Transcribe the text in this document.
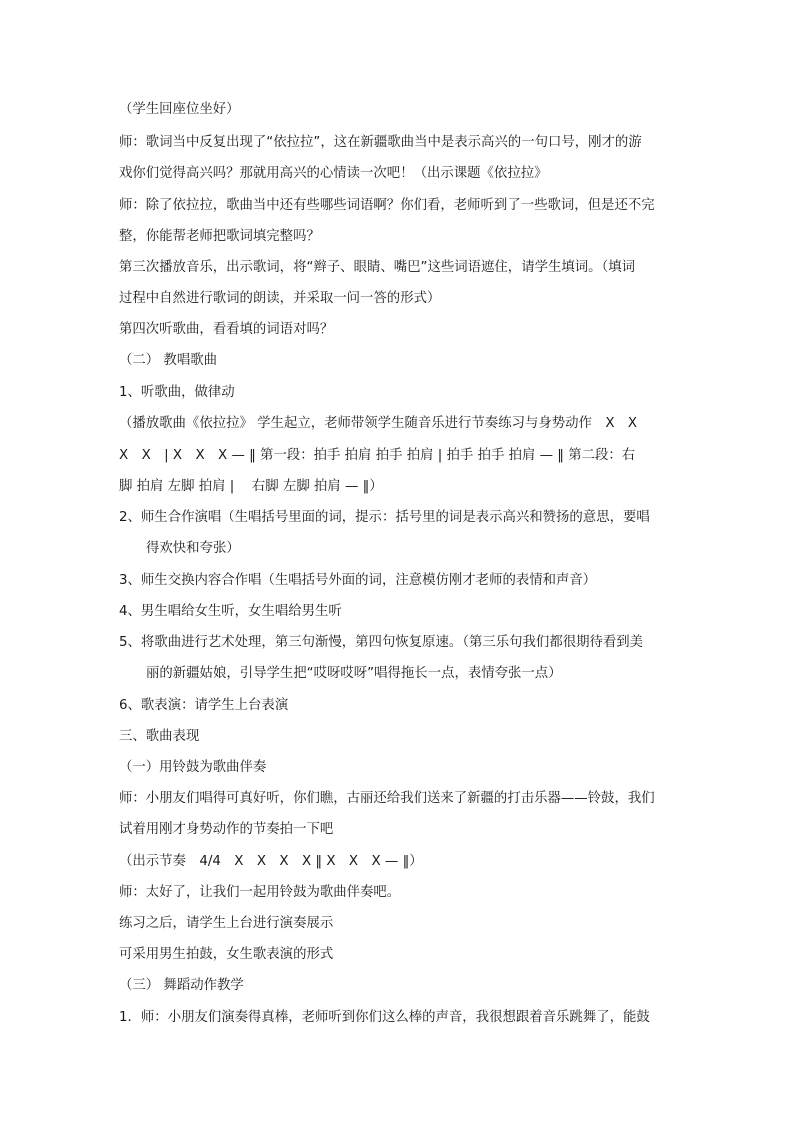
（学生回座位坐好）
师：歌词当中反复出现了“依拉拉”，这在新疆歌曲当中是表示高兴的一句口号，刚才的游
戏你们觉得高兴吗？那就用高兴的心情读一次吧！（出示课题《依拉拉》
师：除了依拉拉，歌曲当中还有些哪些词语啊？你们看，老师听到了一些歌词，但是还不完
整，你能帮老师把歌词填完整吗？
第三次播放音乐，出示歌词，将“辫子、眼睛、嘴巴”这些词语遮住，请学生填词。（填词
过程中自然进行歌词的朗读，并采取一问一答的形式）
第四次听歌曲，看看填的词语对吗？
（二） 教唱歌曲
1、听歌曲，做律动
（播放歌曲《依拉拉》 学生起立，老师带领学生随音乐进行节奏练习与身势动作　X　X
X　X　| X　X　X — ‖ 第一段：拍手 拍肩 拍手 拍肩 | 拍手 拍手 拍肩 — ‖ 第二段：右
脚 拍肩 左脚 拍肩 | 　右脚 左脚 拍肩 — ‖）
2、师生合作演唱（生唱括号里面的词，提示：括号里的词是表示高兴和赞扬的意思，要唱
得欢快和夸张）
3、师生交换内容合作唱（生唱括号外面的词，注意模仿刚才老师的表情和声音）
4、男生唱给女生听，女生唱给男生听
5、将歌曲进行艺术处理，第三句渐慢，第四句恢复原速。（第三乐句我们都很期待看到美
丽的新疆姑娘，引导学生把“哎呀哎呀”唱得拖长一点，表情夸张一点）
6、歌表演：请学生上台表演
三、歌曲表现
（一）用铃鼓为歌曲伴奏
师：小朋友们唱得可真好听，你们瞧，古丽还给我们送来了新疆的打击乐器——铃鼓，我们
试着用刚才身势动作的节奏拍一下吧
（出示节奏　4/4　X　X　X　X ‖ X　X　X — ‖）
师：太好了，让我们一起用铃鼓为歌曲伴奏吧。
练习之后，请学生上台进行演奏展示
可采用男生拍鼓，女生歌表演的形式
（三） 舞蹈动作教学
1．师：小朋友们演奏得真棒，老师听到你们这么棒的声音，我很想跟着音乐跳舞了，能鼓
